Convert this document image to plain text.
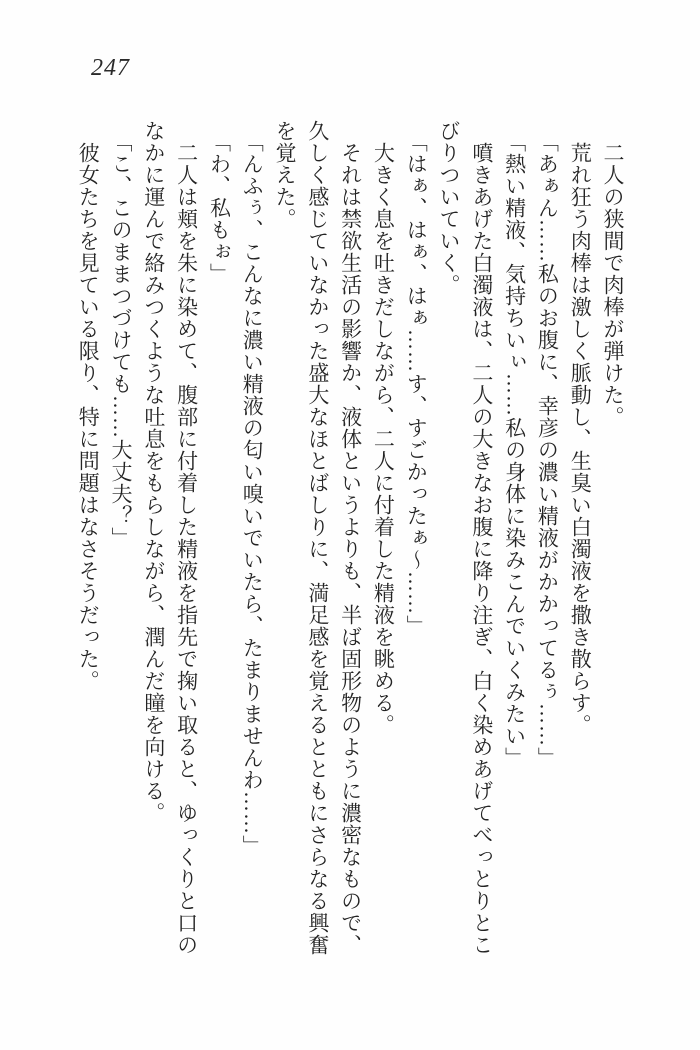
247
二人の狭間で肉棒が弾けた。
荒れ狂う肉棒は激しく脈動し、生臭い白濁液を撒き散らす。
「あぁん……私のお腹に、幸彦の濃い精液がかかってるぅ……」
「熱い精液、気持ちいぃ……私の身体に染みこんでいくみたい」
噴きあげた白濁液は、二人の大きなお腹に降り注ぎ、白く染めあげてべっとりとこ
びりついていく。
「はぁ、はぁ、はぁ……す、すごかったぁ～……」
大きく息を吐きだしながら、二人に付着した精液を眺める。
それは禁欲生活の影響か、液体というよりも、半ば固形物のように濃密なもので、
久しく感じていなかった盛大なほとばしりに、満足感を覚えるとともにさらなる興奮
を覚えた。
「んふぅ、こんなに濃い精液の匂い嗅いでいたら、たまりませんわ……」
「わ、私もぉ」
二人は頬を朱に染めて、腹部に付着した精液を指先で掬い取ると、ゆっくりと口の
なかに運んで絡みつくような吐息をもらしながら、潤んだ瞳を向ける。
「こ、このままつづけても……大丈夫？」
彼女たちを見ている限り、特に問題はなさそうだった。
